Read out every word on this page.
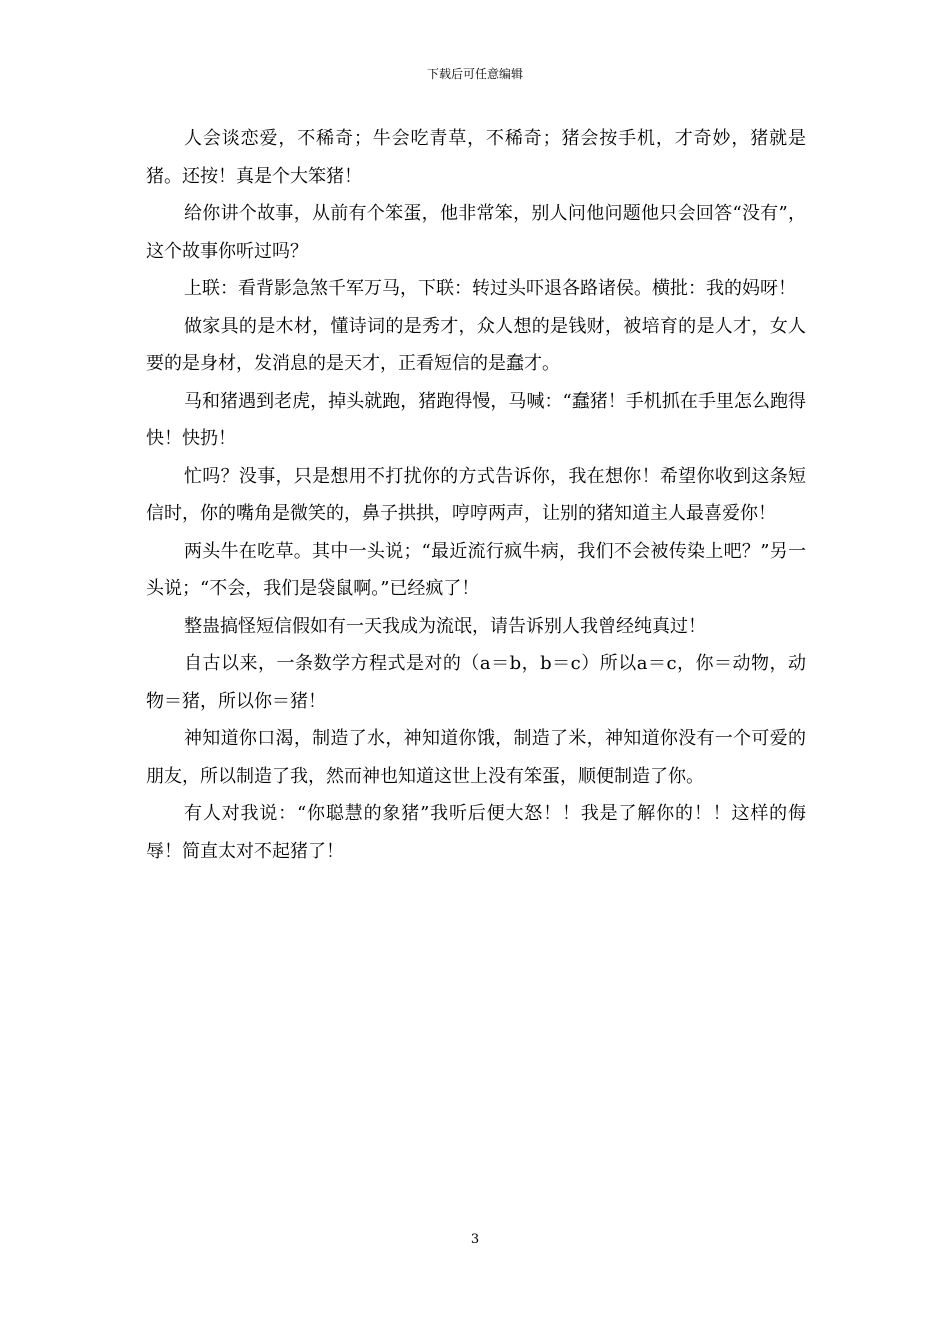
下载后可任意编辑

人会谈恋爱，不稀奇；牛会吃青草，不稀奇；猪会按手机，才奇妙，猪就是猪。还按！真是个大笨猪！

给你讲个故事，从前有个笨蛋，他非常笨，别人问他问题他只会回答“没有”，这个故事你听过吗？

上联：看背影急煞千军万马，下联：转过头吓退各路诸侯。横批：我的妈呀！

做家具的是木材，懂诗词的是秀才，众人想的是钱财，被培育的是人才，女人要的是身材，发消息的是天才，正看短信的是蠢才。

马和猪遇到老虎，掉头就跑，猪跑得慢，马喊：“蠢猪！手机抓在手里怎么跑得快！快扔！

忙吗？没事，只是想用不打扰你的方式告诉你，我在想你！希望你收到这条短信时，你的嘴角是微笑的，鼻子拱拱，哼哼两声，让别的猪知道主人最喜爱你！

两头牛在吃草。其中一头说；“最近流行疯牛病，我们不会被传染上吧？”另一头说；“不会，我们是袋鼠啊。”已经疯了！

整蛊搞怪短信假如有一天我成为流氓，请告诉别人我曾经纯真过！

自古以来，一条数学方程式是对的（a＝b，b＝c）所以a＝c，你＝动物，动物＝猪，所以你＝猪！

神知道你口渴，制造了水，神知道你饿，制造了米，神知道你没有一个可爱的朋友，所以制造了我，然而神也知道这世上没有笨蛋，顺便制造了你。

有人对我说：“你聪慧的象猪”我听后便大怒！！我是了解你的！！这样的侮辱！简直太对不起猪了！

3
